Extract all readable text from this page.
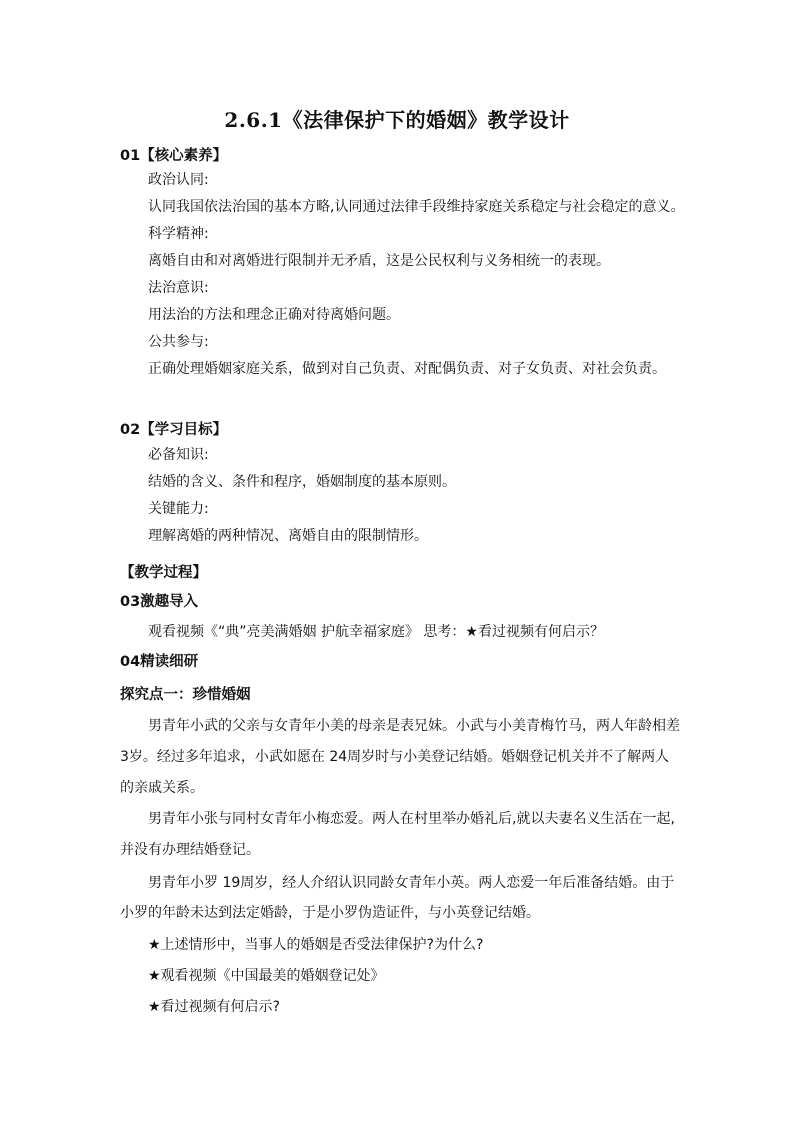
2.6.1《法律保护下的婚姻》教学设计
01【核心素养】
政治认同:
认同我国依法治国的基本方略,认同通过法律手段维持家庭关系稳定与社会稳定的意义。
科学精神:
离婚自由和对离婚进行限制并无矛盾，这是公民权利与义务相统一的表现。
法治意识:
用法治的方法和理念正确对待离婚问题。
公共参与:
正确处理婚姻家庭关系，做到对自己负责、对配偶负责、对子女负责、对社会负责。
02【学习目标】
必备知识:
结婚的含义、条件和程序，婚姻制度的基本原则。
关键能力:
理解离婚的两种情况、离婚自由的限制情形。
【教学过程】
03激趣导入
观看视频《“典”亮美满婚姻 护航幸福家庭》 思考：★看过视频有何启示？
04精读细研
探究点一：珍惜婚姻
男青年小武的父亲与女青年小美的母亲是表兄妹。小武与小美青梅竹马，两人年龄相差
3岁。经过多年追求，小武如愿在 24周岁时与小美登记结婚。婚姻登记机关并不了解两人
的亲戚关系。
男青年小张与同村女青年小梅恋爱。两人在村里举办婚礼后,就以夫妻名义生活在一起,
并没有办理结婚登记。
男青年小罗 19周岁，经人介绍认识同龄女青年小英。两人恋爱一年后准备结婚。由于
小罗的年龄未达到法定婚龄，于是小罗伪造证件，与小英登记结婚。
★上述情形中，当事人的婚姻是否受法律保护?为什么?
★观看视频《中国最美的婚姻登记处》
★看过视频有何启示?
